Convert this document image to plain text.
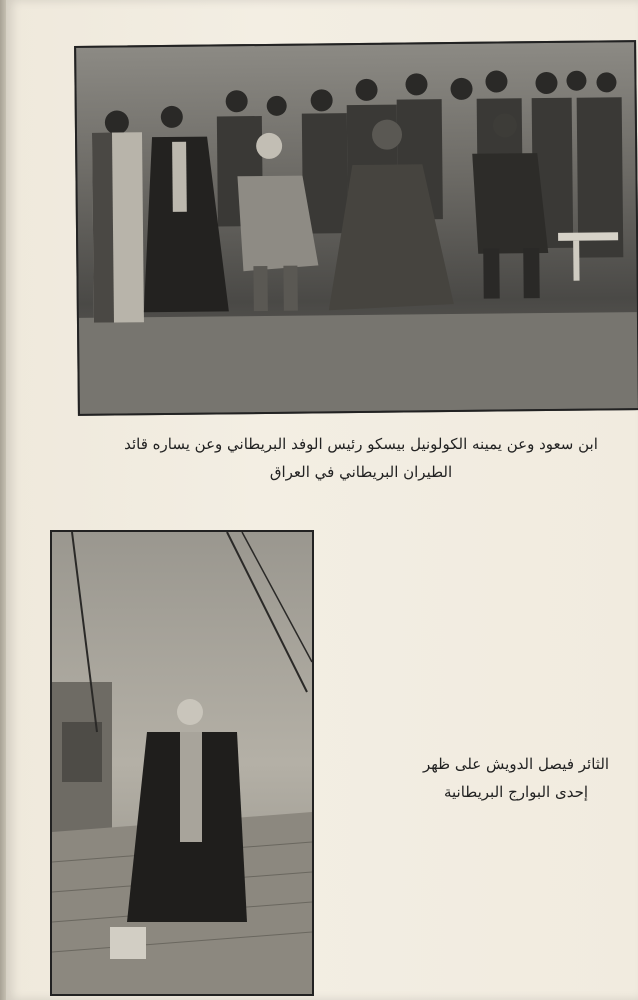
ابن سعود وعن يمينه الكولونيل بيسكو رئيس الوفد البريطاني وعن يساره قائد
الطيران البريطاني في العراق
الثائر فيصل الدويش على ظهر
إحدى البوارج البريطانية
